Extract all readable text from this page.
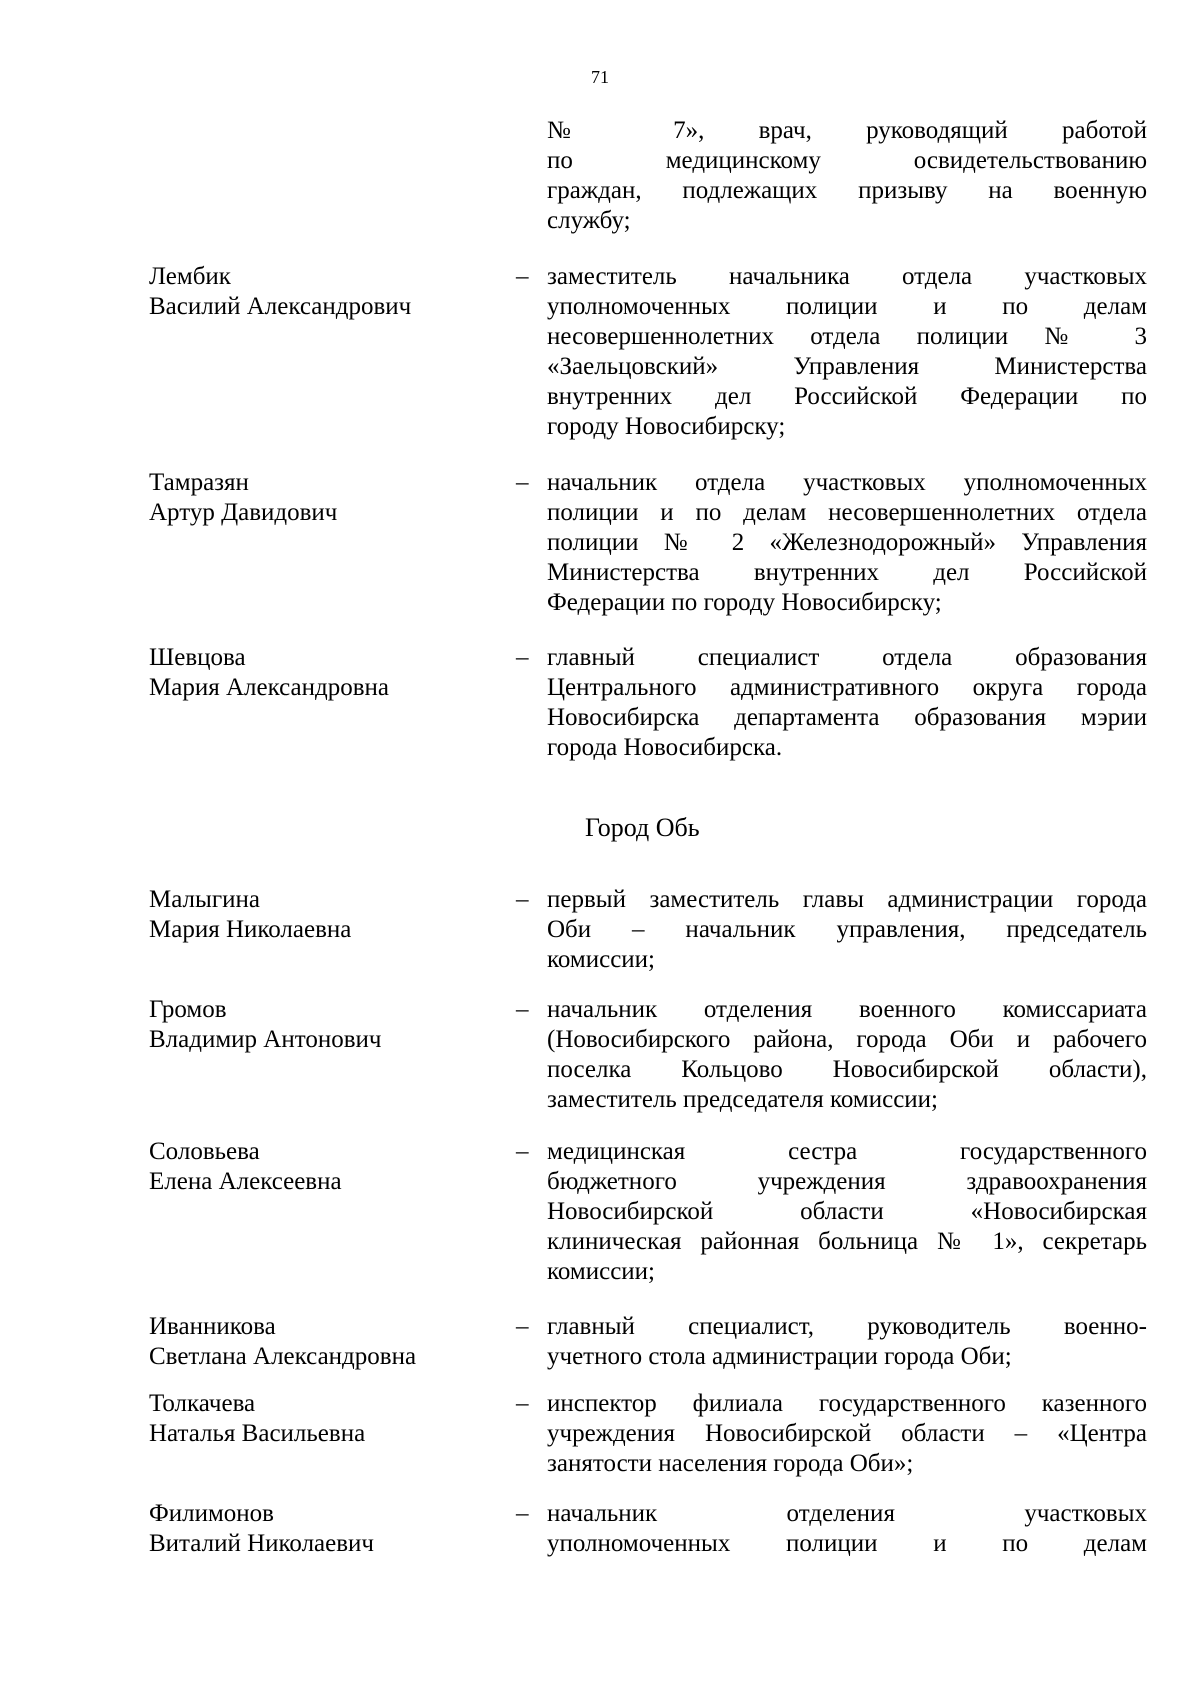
71
№ 7», врач, руководящий работой
по медицинскому освидетельствованию
граждан, подлежащих призыву на военную
службу;
Лембик
Василий Александрович
– заместитель начальника отдела участковых
уполномоченных полиции и по делам
несовершеннолетних отдела полиции № 3
«Заельцовский» Управления Министерства
внутренних дел Российской Федерации по
городу Новосибирску;
Тамразян
Артур Давидович
– начальник отдела участковых уполномоченных
полиции и по делам несовершеннолетних отдела
полиции № 2 «Железнодорожный» Управления
Министерства внутренних дел Российской
Федерации по городу Новосибирску;
Шевцова
Мария Александровна
– главный специалист отдела образования
Центрального административного округа города
Новосибирска департамента образования мэрии
города Новосибирска.
Город Обь
Малыгина
Мария Николаевна
– первый заместитель главы администрации города
Оби – начальник управления, председатель
комиссии;
Громов
Владимир Антонович
– начальник отделения военного комиссариата
(Новосибирского района, города Оби и рабочего
поселка Кольцово Новосибирской области),
заместитель председателя комиссии;
Соловьева
Елена Алексеевна
– медицинская сестра государственного
бюджетного учреждения здравоохранения
Новосибирской области «Новосибирская
клиническая районная больница № 1», секретарь
комиссии;
Иванникова
Светлана Александровна
– главный специалист, руководитель военно-
учетного стола администрации города Оби;
Толкачева
Наталья Васильевна
– инспектор филиала государственного казенного
учреждения Новосибирской области – «Центра
занятости населения города Оби»;
Филимонов
Виталий Николаевич
– начальник отделения участковых
уполномоченных полиции и по делам
